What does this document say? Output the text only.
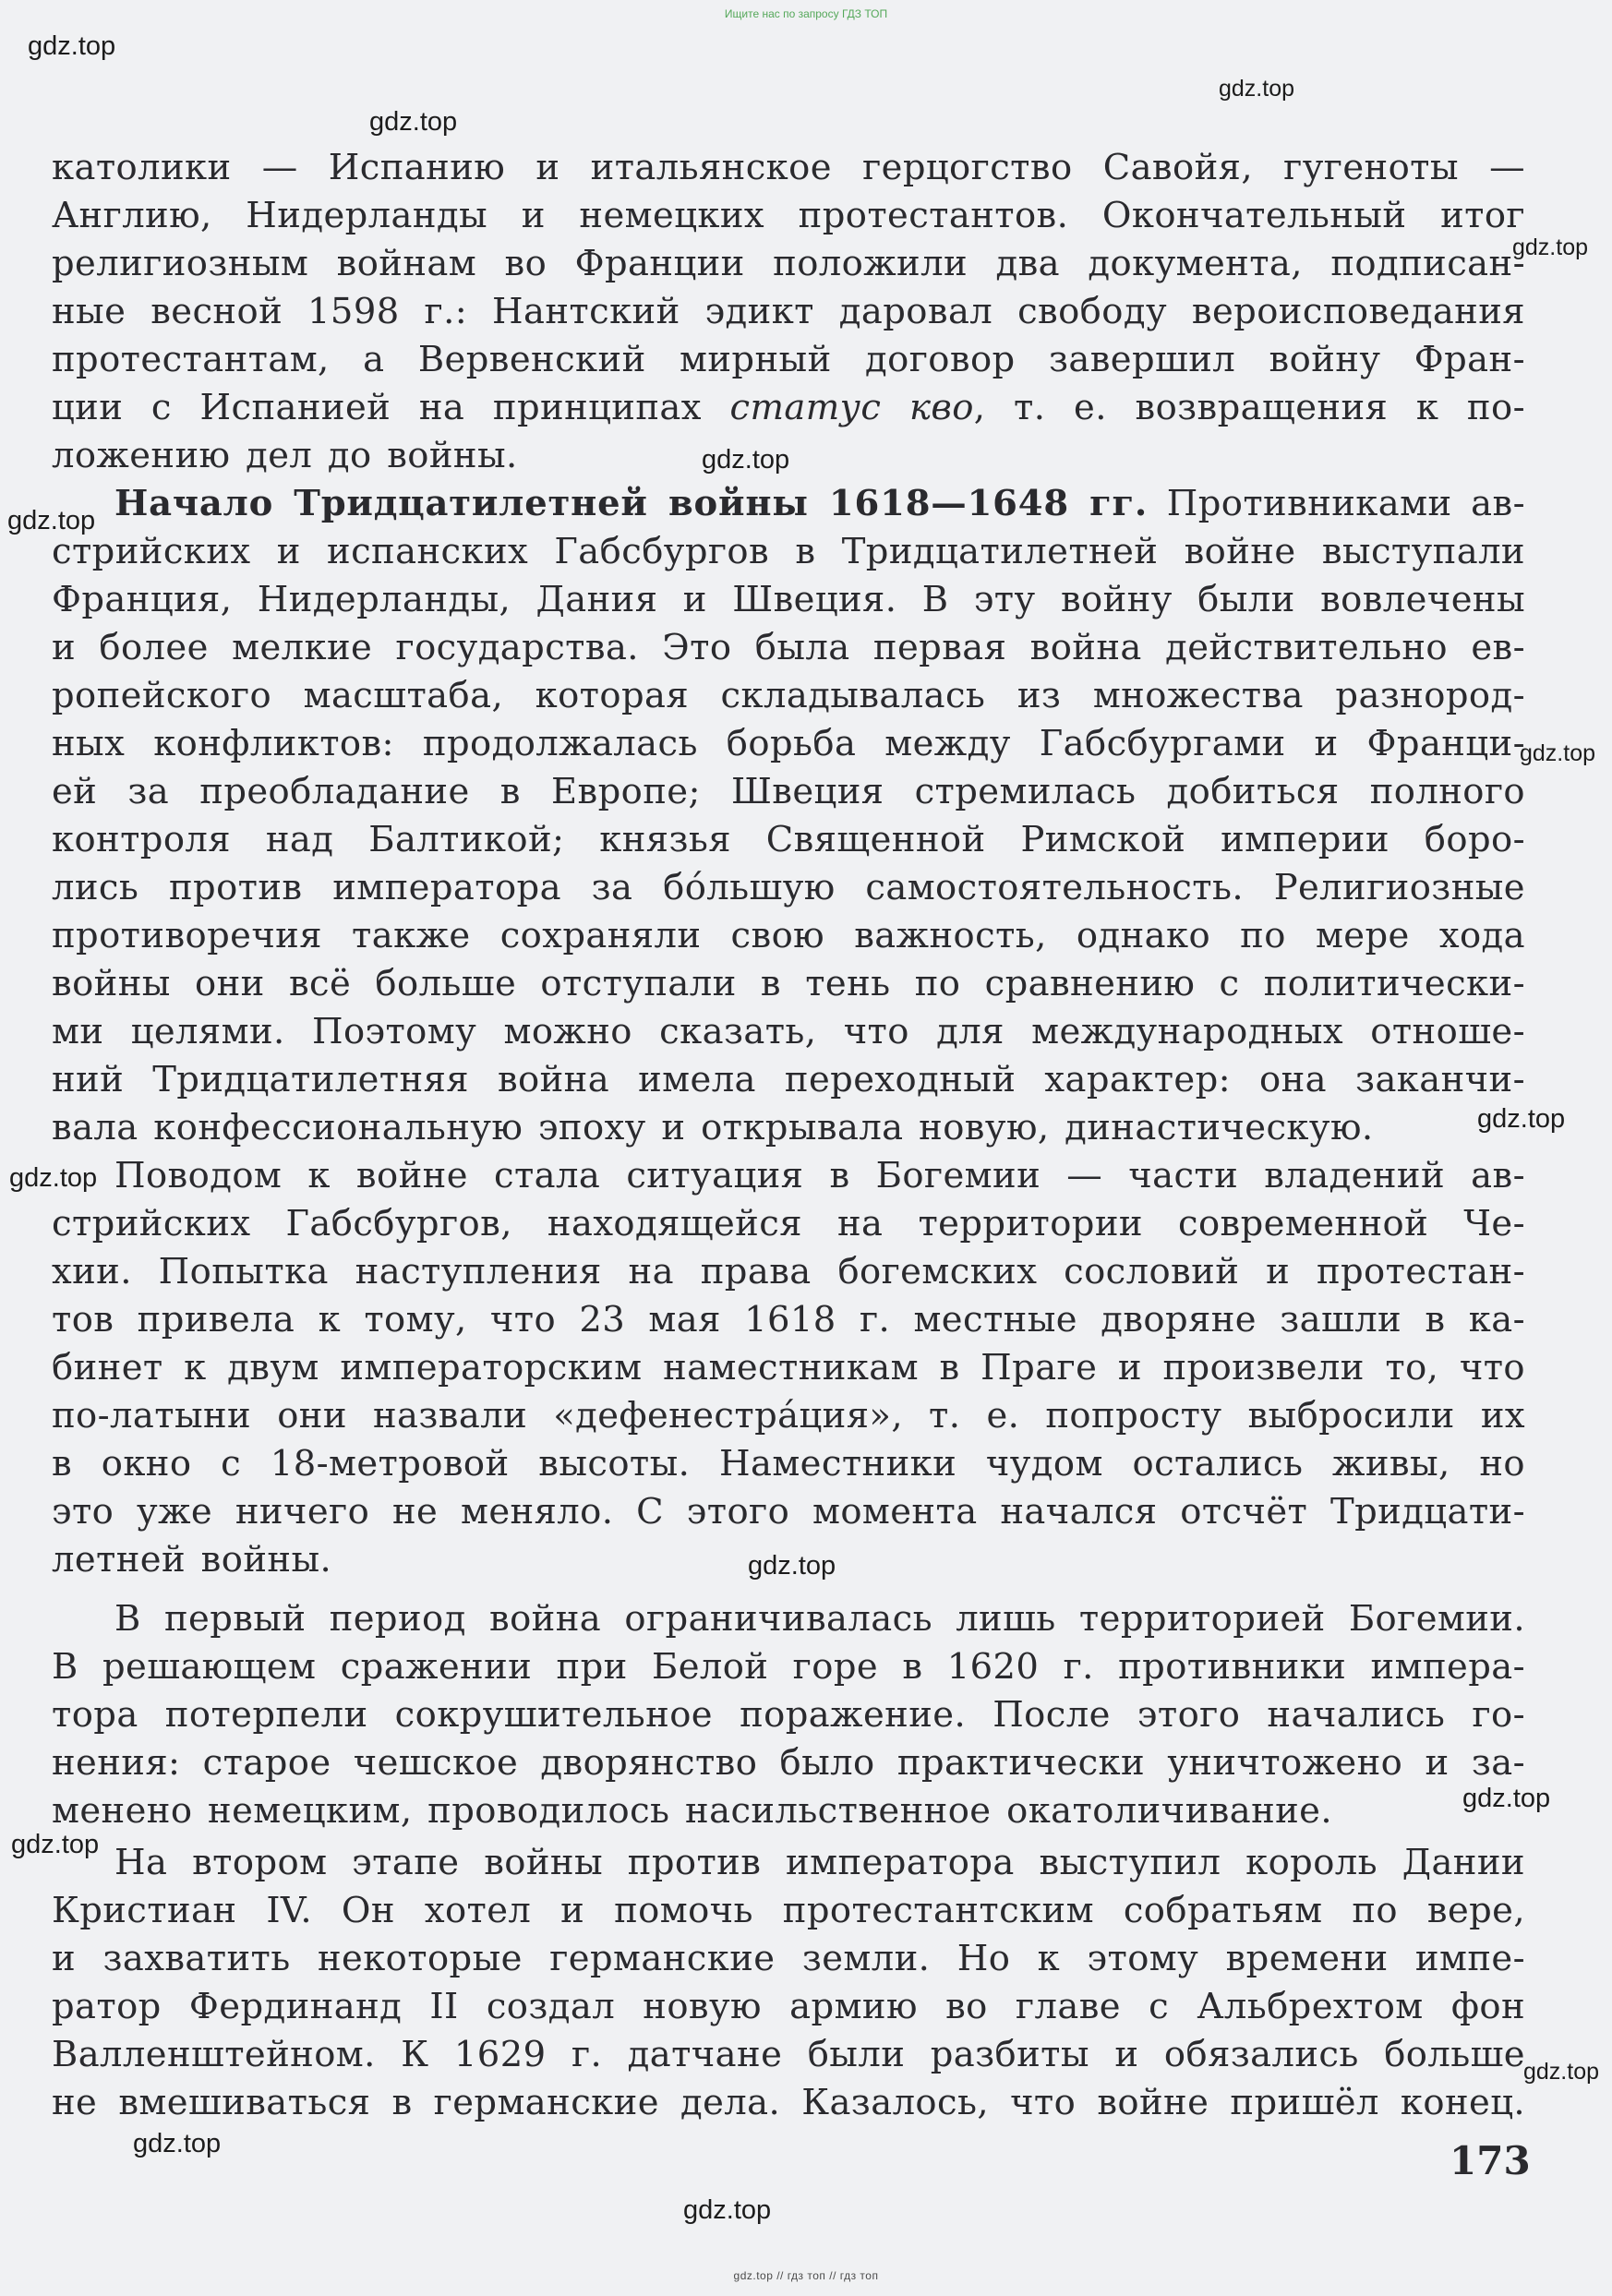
Ищите нас по запросу ГДЗ ТОП
gdz.top
gdz.top
gdz.top
gdz.top
gdz.top
gdz.top
gdz.top
gdz.top
gdz.top
gdz.top
gdz.top
gdz.top
gdz.top
gdz.top
gdz.top
католики — Испанию и итальянское герцогство Савойя, гугеноты —
Англию, Нидерланды и немецких протестантов. Окончательный итог
религиозным войнам во Франции положили два документа, подписан-
ные весной 1598 г.: Нантский эдикт даровал свободу вероисповедания
протестантам, а Вервенский мирный договор завершил войну Фран-
ции с Испанией на принципах статус кво, т. е. возвращения к по-
ложению дел до войны.
Начало Тридцатилетней войны 1618—1648 гг. Противниками ав-
стрийских и испанских Габсбургов в Тридцатилетней войне выступали
Франция, Нидерланды, Дания и Швеция. В эту войну были вовлечены
и более мелкие государства. Это была первая война действительно ев-
ропейского масштаба, которая складывалась из множества разнород-
ных конфликтов: продолжалась борьба между Габсбургами и Франци-
ей за преобладание в Европе; Швеция стремилась добиться полного
контроля над Балтикой; князья Священной Римской империи боро-
лись против императора за бóльшую самостоятельность. Религиозные
противоречия также сохраняли свою важность, однако по мере хода
войны они всё больше отступали в тень по сравнению с политически-
ми целями. Поэтому можно сказать, что для международных отноше-
ний Тридцатилетняя война имела переходный характер: она заканчи-
вала конфессиональную эпоху и открывала новую, династическую.
Поводом к войне стала ситуация в Богемии — части владений ав-
стрийских Габсбургов, находящейся на территории современной Че-
хии. Попытка наступления на права богемских сословий и протестан-
тов привела к тому, что 23 мая 1618 г. местные дворяне зашли в ка-
бинет к двум императорским наместникам в Праге и произвели то, что
по-латыни они назвали «дефенестрáция», т. е. попросту выбросили их
в окно с 18-метровой высоты. Наместники чудом остались живы, но
это уже ничего не меняло. С этого момента начался отсчёт Тридцати-
летней войны.
В первый период война ограничивалась лишь территорией Богемии.
В решающем сражении при Белой горе в 1620 г. противники импера-
тора потерпели сокрушительное поражение. После этого начались го-
нения: старое чешское дворянство было практически уничтожено и за-
менено немецким, проводилось насильственное окатоличивание.
На втором этапе войны против императора выступил король Дании
Кристиан IV. Он хотел и помочь протестантским собратьям по вере,
и захватить некоторые германские земли. Но к этому времени импе-
ратор Фердинанд II создал новую армию во главе с Альбрехтом фон
Валленштейном. К 1629 г. датчане были разбиты и обязались больше
не вмешиваться в германские дела. Казалось, что войне пришёл конец.
173
gdz.top // гдз топ // гдз топ
